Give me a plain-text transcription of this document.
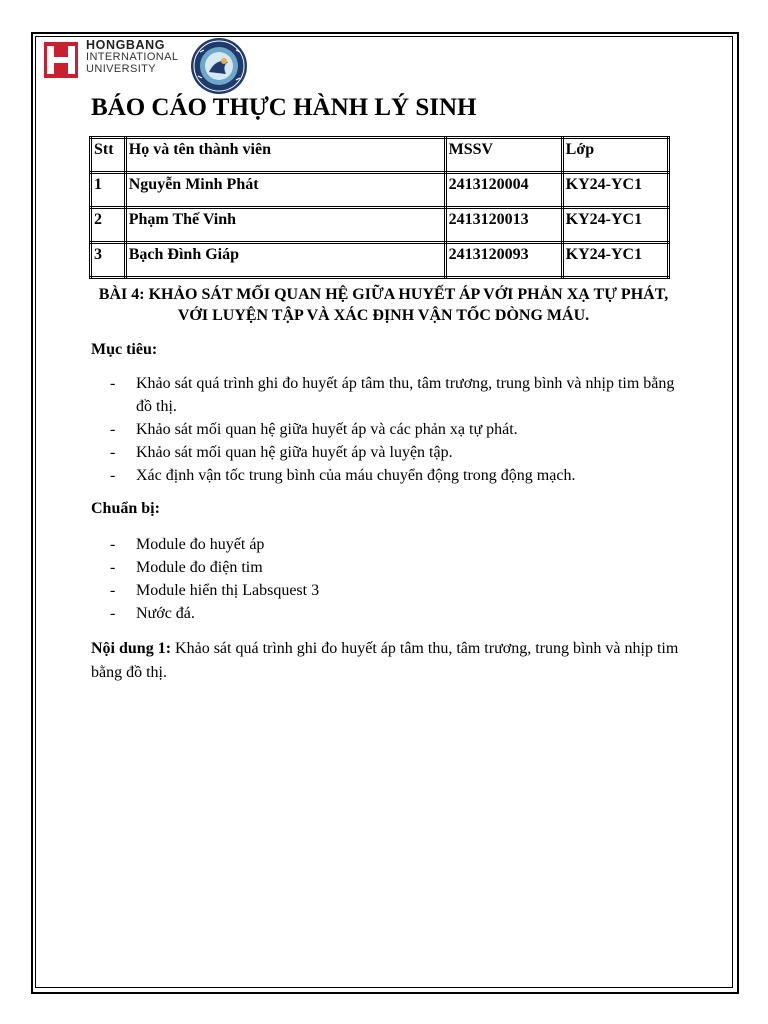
HONGBANG
INTERNATIONAL
UNIVERSITY
BÁO CÁO THỰC HÀNH LÝ SINH
Stt	Họ và tên thành viên	MSSV	Lớp
1	Nguyễn Minh Phát	2413120004	KY24-YC1
2	Phạm Thế Vinh	2413120013	KY24-YC1
3	Bạch Đình Giáp	2413120093	KY24-YC1
BÀI 4: KHẢO SÁT MỐI QUAN HỆ GIỮA HUYẾT ÁP VỚI PHẢN XẠ TỰ PHÁT, VỚI LUYỆN TẬP VÀ XÁC ĐỊNH VẬN TỐC DÒNG MÁU.
Mục tiêu:
- Khảo sát quá trình ghi đo huyết áp tâm thu, tâm trương, trung bình và nhịp tim bằng đồ thị.
- Khảo sát mối quan hệ giữa huyết áp và các phản xạ tự phát.
- Khảo sát mối quan hệ giữa huyết áp và luyện tập.
- Xác định vận tốc trung bình của máu chuyển động trong động mạch.
Chuẩn bị:
- Module đo huyết áp
- Module đo điện tim
- Module hiển thị Labsquest 3
- Nước đá.
Nội dung 1: Khảo sát quá trình ghi đo huyết áp tâm thu, tâm trương, trung bình và nhịp tim bằng đồ thị.
